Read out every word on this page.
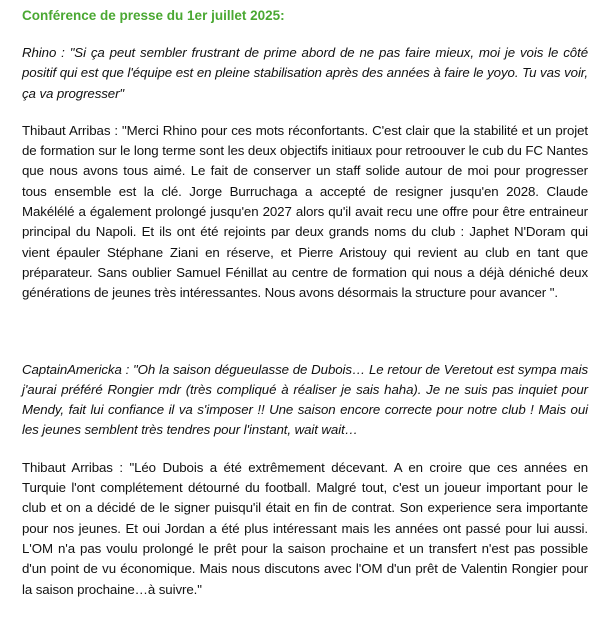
Conférence de presse du 1er juillet 2025:

Rhino : "Si ça peut sembler frustrant de prime abord de ne pas faire mieux, moi je vois le côté positif qui est que l'équipe est en pleine stabilisation après des années à faire le yoyo. Tu vas voir, ça va progresser"

Thibaut Arribas : "Merci Rhino pour ces mots réconfortants. C'est clair que la stabilité et un projet de formation sur le long terme sont les deux objectifs initiaux pour retroouver le cub du FC Nantes que nous avons tous aimé. Le fait de conserver un staff solide autour de moi pour progresser tous ensemble est la clé. Jorge Burruchaga a accepté de resigner jusqu'en 2028. Claude Makélélé a également prolongé jusqu'en 2027 alors qu'il avait recu une offre pour être entraineur principal du Napoli. Et ils ont été rejoints par deux grands noms du club : Japhet N'Doram qui vient épauler Stéphane Ziani en réserve, et Pierre Aristouy qui revient au club en tant que préparateur. Sans oublier Samuel Fénillat au centre de formation qui nous a déjà déniché deux générations de jeunes très intéressantes. Nous avons désormais la structure pour avancer ".

CaptainAmericka : "Oh la saison dégueulasse de Dubois… Le retour de Veretout est sympa mais j'aurai préféré Rongier mdr (très compliqué à réaliser je sais haha). Je ne suis pas inquiet pour Mendy, fait lui confiance il va s'imposer !! Une saison encore correcte pour notre club ! Mais oui les jeunes semblent très tendres pour l'instant, wait wait…

Thibaut Arribas : "Léo Dubois a été extrêmement décevant. A en croire que ces années en Turquie l'ont complétement détourné du football. Malgré tout, c'est un joueur important pour le club et on a décidé de le signer puisqu'il était en fin de contrat. Son experience sera importante pour nos jeunes. Et oui Jordan a été plus intéressant mais les années ont passé pour lui aussi. L'OM n'a pas voulu prolongé le prêt pour la saison prochaine et un transfert n'est pas possible d'un point de vu économique. Mais nous discutons avec l'OM d'un prêt de Valentin Rongier pour la saison prochaine…à suivre."
